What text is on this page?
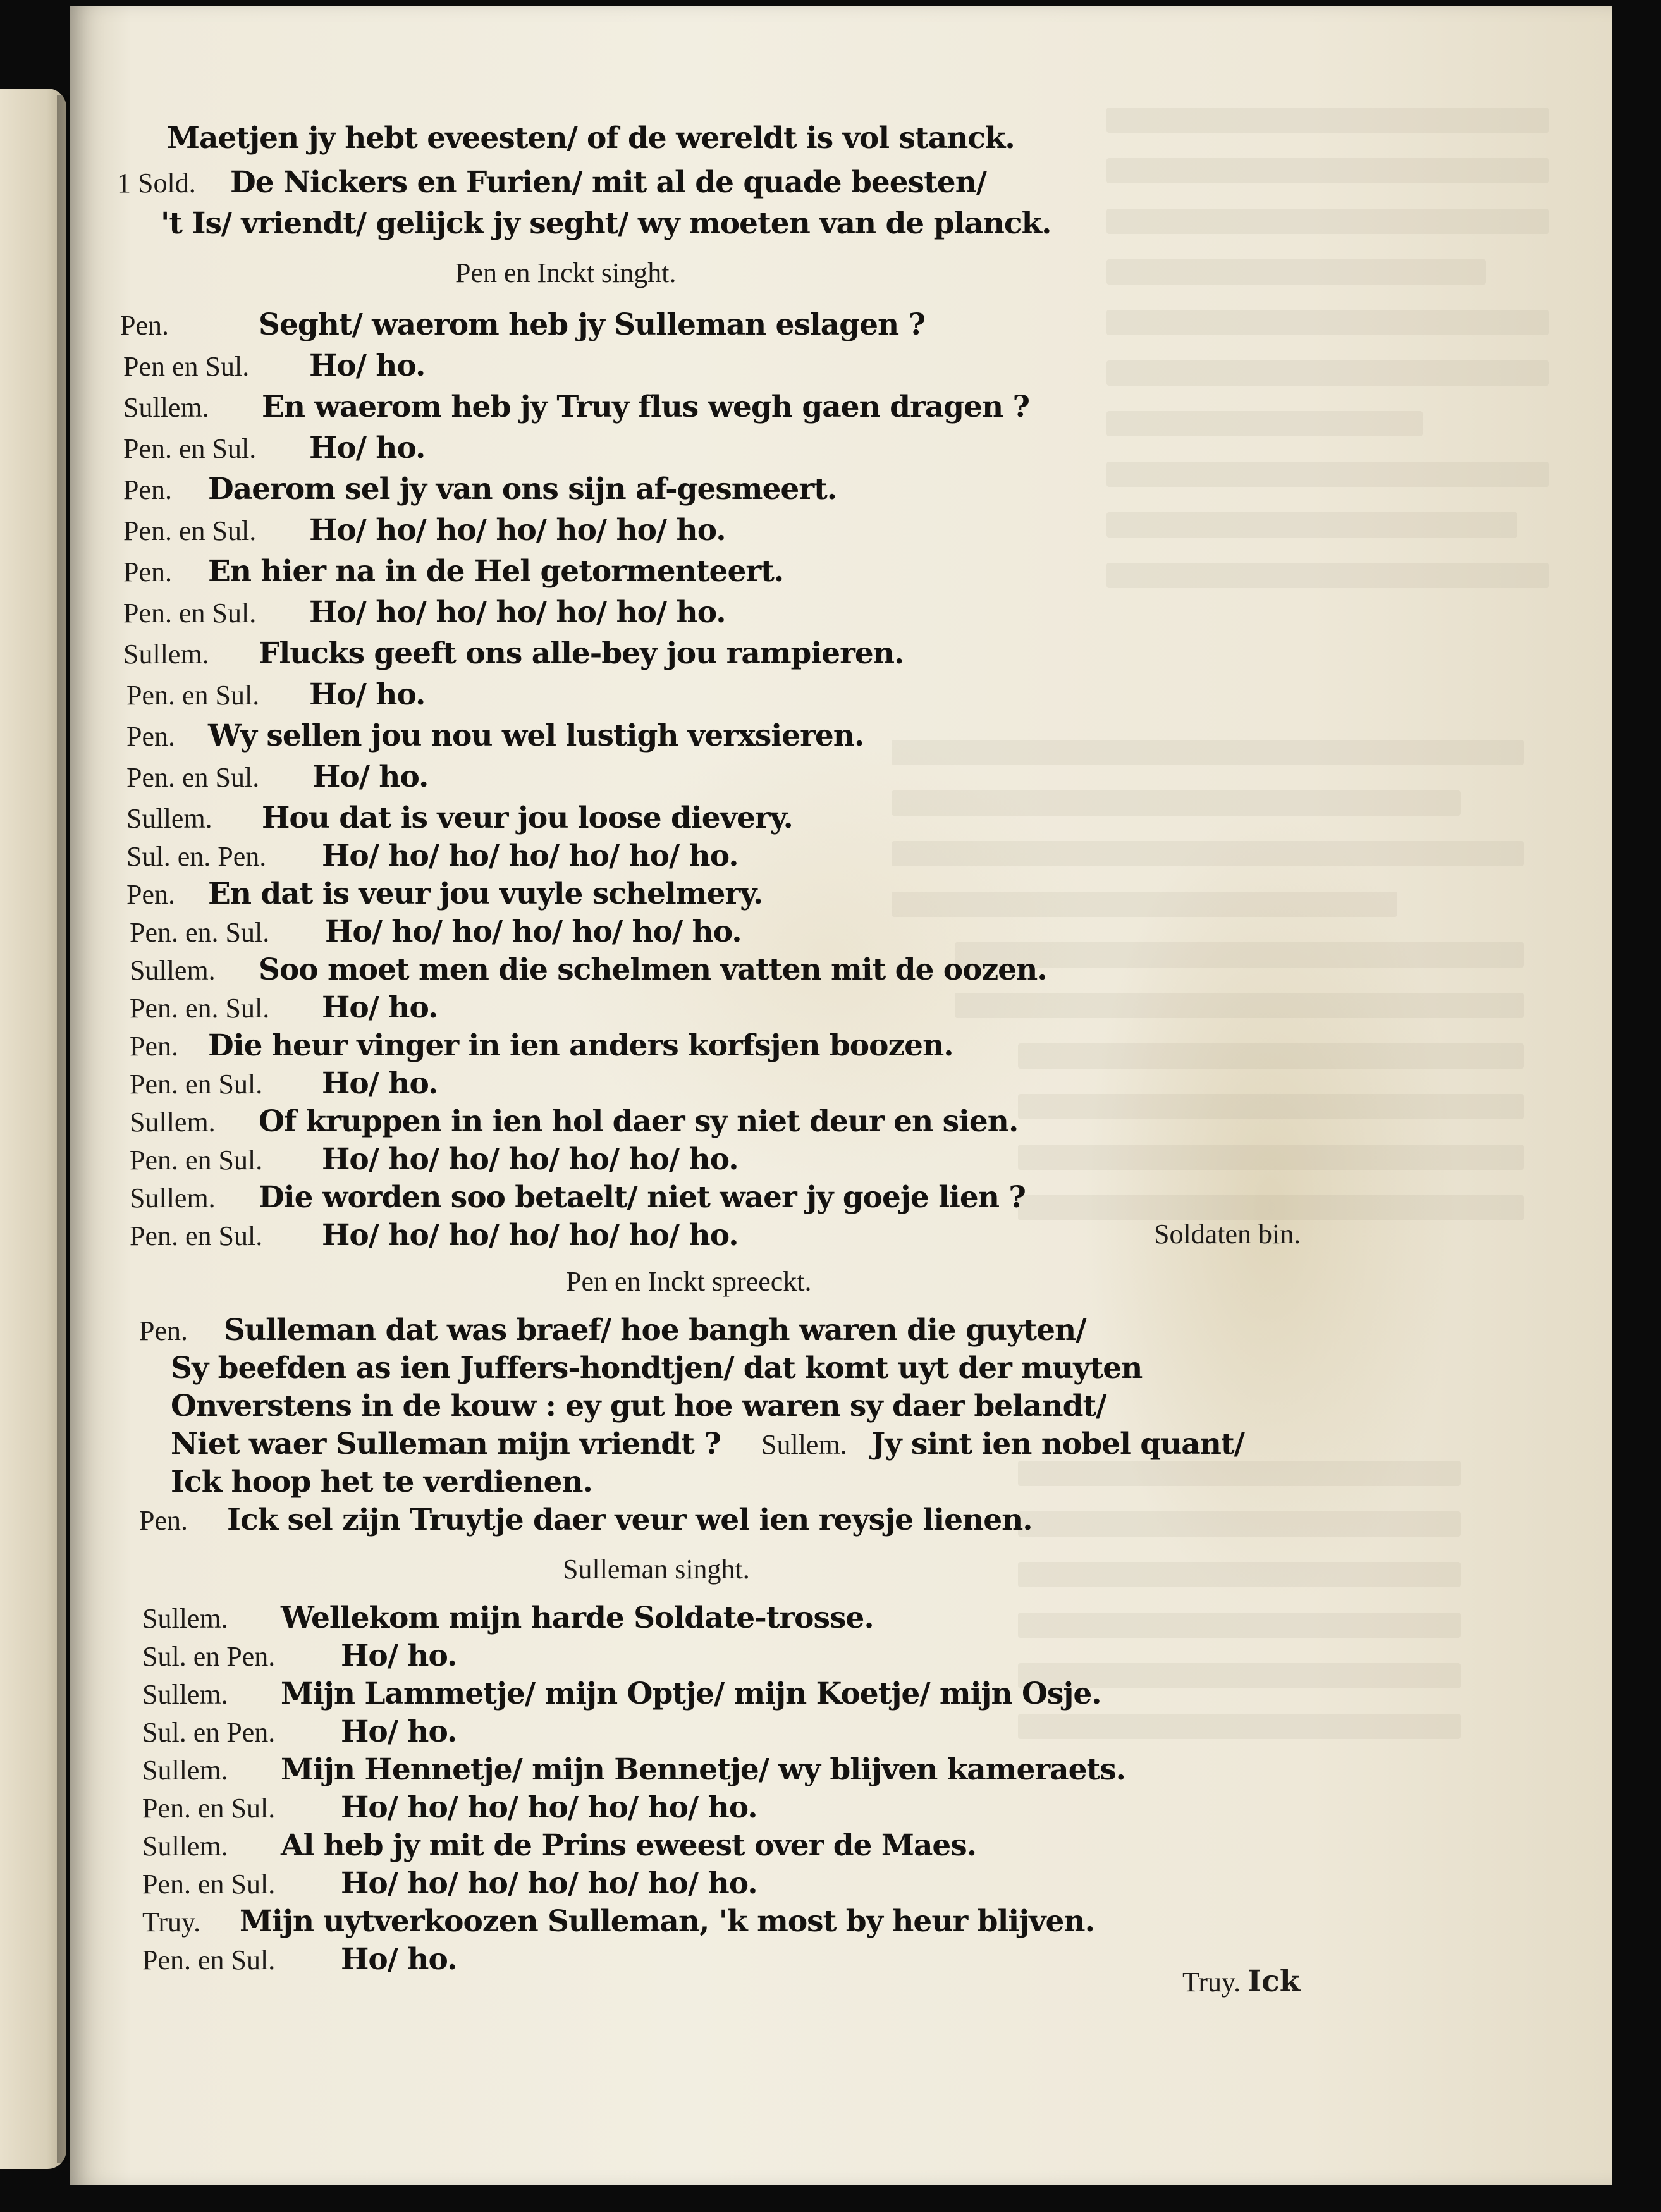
Maetjen jy hebt eveesten/ of de wereldt is vol stanck.
1 Sold. De Nickers en Furien/ mit al de quade beesten/
't Is/ vriendt/ gelijck jy seght/ wy moeten van de planck.
Pen en Inckt singht.
Pen.	Seght/ waerom heb jy Sulleman eslagen ?
Pen en Sul. Ho/ ho.
Sullem. En waerom heb jy Truy flus wegh gaen dragen ?
Pen. en Sul. Ho/ ho.
Pen. Daerom sel jy van ons sijn af-gesmeert.
Pen. en Sul. Ho/ ho/ ho/ ho/ ho/ ho/ ho.
Pen. En hier na in de Hel getormenteert.
Pen. en Sul. Ho/ ho/ ho/ ho/ ho/ ho/ ho.
Sullem. Flucks geeft ons alle-bey jou rampieren.
Pen. en Sul. Ho/ ho.
Pen. Wy sellen jou nou wel lustigh verxsieren.
Pen. en Sul. Ho/ ho.
Sullem. Hou dat is veur jou loose dievery.
Sul. en. Pen. Ho/ ho/ ho/ ho/ ho/ ho/ ho.
Pen. En dat is veur jou vuyle schelmery.
Pen. en. Sul. Ho/ ho/ ho/ ho/ ho/ ho/ ho.
Sullem. Soo moet men die schelmen vatten mit de oozen.
Pen. en. Sul. Ho/ ho.
Pen. Die heur vinger in ien anders korfsjen boozen.
Pen. en Sul. Ho/ ho.
Sullem. Of kruppen in ien hol daer sy niet deur en sien.
Pen. en Sul. Ho/ ho/ ho/ ho/ ho/ ho/ ho.
Sullem. Die worden soo betaelt/ niet waer jy goeje lien ?
Pen. en Sul. Ho/ ho/ ho/ ho/ ho/ ho/ ho.	Soldaten bin.
Pen en Inckt spreeckt.
Pen. Sulleman dat was braef/ hoe bangh waren die guyten/
Sy beefden as ien Juffers-hondtjen/ dat komt uyt der muyten
Onverstens in de kouw : ey gut hoe waren sy daer belandt/
Niet waer Sulleman mijn vriendt ? Sullem. Jy sint ien nobel quant/
Ick hoop het te verdienen.
Pen. Ick sel zijn Truytje daer veur wel ien reysje lienen.
Sulleman singht.
Sullem. Wellekom mijn harde Soldate-trosse.
Sul. en Pen. Ho/ ho.
Sullem. Mijn Lammetje/ mijn Optje/ mijn Koetje/ mijn Osje.
Sul. en Pen. Ho/ ho.
Sullem. Mijn Hennetje/ mijn Bennetje/ wy blijven kameraets.
Pen. en Sul. Ho/ ho/ ho/ ho/ ho/ ho/ ho.
Sullem. Al heb jy mit de Prins eweest over de Maes.
Pen. en Sul. Ho/ ho/ ho/ ho/ ho/ ho/ ho.
Truy. Mijn uytverkoozen Sulleman, 'k most by heur blijven.
Pen. en Sul. Ho/ ho.
Truy. Ick
